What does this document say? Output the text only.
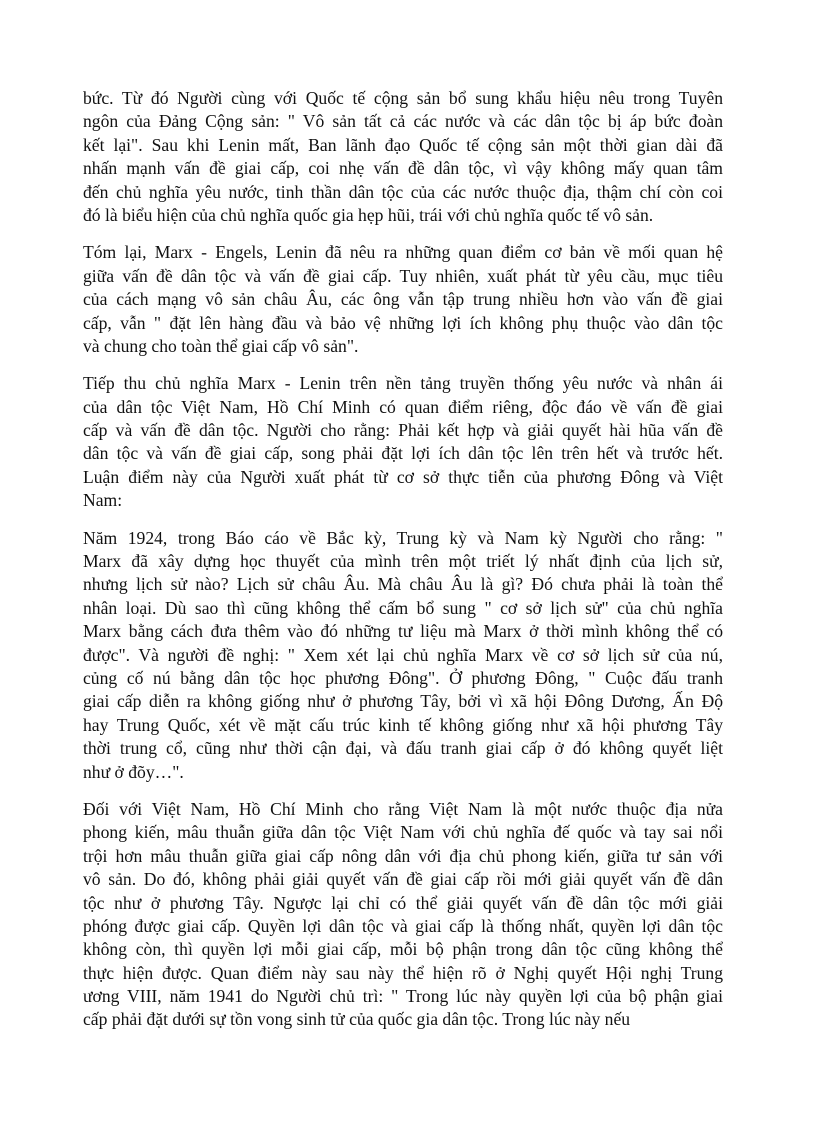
bức. Từ đó Người cùng với Quốc tế cộng sản bổ sung khẩu hiệu nêu trong Tuyên
ngôn của Đảng Cộng sản: " Vô sản tất cả các nước và các dân tộc bị áp bức đoàn
kết lại". Sau khi Lenin mất, Ban lãnh đạo Quốc tế cộng sản một thời gian dài đã
nhấn mạnh vấn đề giai cấp, coi nhẹ vấn đề dân tộc, vì vậy không mấy quan tâm
đến chủ nghĩa yêu nước, tinh thần dân tộc của các nước thuộc địa, thậm chí còn coi
đó là biểu hiện của chủ nghĩa quốc gia hẹp hũi, trái với chủ nghĩa quốc tế vô sản.
Tóm lại, Marx - Engels, Lenin đã nêu ra những quan điểm cơ bản về mối quan hệ
giữa vấn đề dân tộc và vấn đề giai cấp. Tuy nhiên, xuất phát từ yêu cầu, mục tiêu
của cách mạng vô sản châu Âu, các ông vẫn tập trung nhiều hơn vào vấn đề giai
cấp, vẫn " đặt lên hàng đầu và bảo vệ những lợi ích không phụ thuộc vào dân tộc
và chung cho toàn thể giai cấp vô sản".
Tiếp thu chủ nghĩa Marx - Lenin trên nền tảng truyền thống yêu nước và nhân ái
của dân tộc Việt Nam, Hồ Chí Minh có quan điểm riêng, độc đáo về vấn đề giai
cấp và vấn đề dân tộc. Người cho rằng: Phải kết hợp và giải quyết hài hũa vấn đề
dân tộc và vấn đề giai cấp, song phải đặt lợi ích dân tộc lên trên hết và trước hết.
Luận điểm này của Người xuất phát từ cơ sở thực tiễn của phương Đông và Việt
Nam:
Năm 1924, trong Báo cáo về Bắc kỳ, Trung kỳ và Nam kỳ Người cho rằng: "
Marx đã xây dựng học thuyết của mình trên một triết lý nhất định của lịch sử,
nhưng lịch sử nào? Lịch sử châu Âu. Mà châu Âu là gì? Đó chưa phải là toàn thể
nhân loại. Dù sao thì cũng không thể cấm bổ sung " cơ sở lịch sử" của chủ nghĩa
Marx bằng cách đưa thêm vào đó những tư liệu mà Marx ở thời mình không thể có
được". Và người đề nghị: " Xem xét lại chủ nghĩa Marx về cơ sở lịch sử của nú,
củng cố nú bằng dân tộc học phương Đông". Ở phương Đông, " Cuộc đấu tranh
giai cấp diễn ra không giống như ở phương Tây, bởi vì xã hội Đông Dương, Ấn Độ
hay Trung Quốc, xét về mặt cấu trúc kinh tế không giống như xã hội phương Tây
thời trung cổ, cũng như thời cận đại, và đấu tranh giai cấp ở đó không quyết liệt
như ở đõy…".
Đối với Việt Nam, Hồ Chí Minh cho rằng Việt Nam là một nước thuộc địa nửa
phong kiến, mâu thuẫn giữa dân tộc Việt Nam với chủ nghĩa đế quốc và tay sai nổi
trội hơn mâu thuẫn giữa giai cấp nông dân với địa chủ phong kiến, giữa tư sản với
vô sản. Do đó, không phải giải quyết vấn đề giai cấp rồi mới giải quyết vấn đề dân
tộc như ở phương Tây. Ngược lại chỉ có thể giải quyết vấn đề dân tộc mới giải
phóng được giai cấp. Quyền lợi dân tộc và giai cấp là thống nhất, quyền lợi dân tộc
không còn, thì quyền lợi mỗi giai cấp, mỗi bộ phận trong dân tộc cũng không thể
thực hiện được. Quan điểm này sau này thể hiện rõ ở Nghị quyết Hội nghị Trung
ương VIII, năm 1941 do Người chủ trì: " Trong lúc này quyền lợi của bộ phận giai
cấp phải đặt dưới sự tồn vong sinh tử của quốc gia dân tộc. Trong lúc này nếu
